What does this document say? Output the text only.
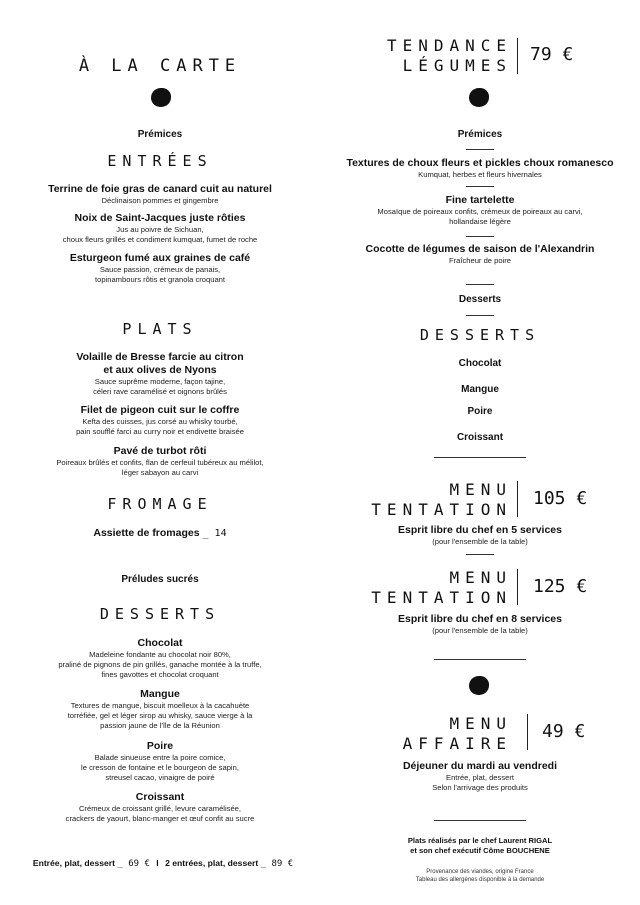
À LA CARTE
Prémices
ENTRÉES
Terrine de foie gras de canard cuit au naturel
Déclinaison pommes et gingembre
Noix de Saint-Jacques juste rôties
Jus au poivre de Sichuan,
choux fleurs grillés et condiment kumquat, fumet de roche
Esturgeon fumé aux graines de café
Sauce passion, crémeux de panais,
topinambours rôtis et granola croquant
PLATS
Volaille de Bresse farcie au citron
et aux olives de Nyons
Sauce suprême moderne, façon tajine,
céleri rave caramélisé et oignons brûlés
Filet de pigeon cuit sur le coffre
Kefta des cuisses, jus corsé au whisky tourbé,
pain soufflé farci au curry noir et endivette braisée
Pavé de turbot rôti
Poireaux brûlés et confits, flan de cerfeuil tubéreux au mélilot,
léger sabayon au carvi
FROMAGE
Assiette de fromages _ 14
Préludes sucrés
DESSERTS
Chocolat
Madeleine fondante au chocolat noir 80%,
praliné de pignons de pin grillés, ganache montée à la truffe,
fines gavottes et chocolat croquant
Mangue
Textures de mangue, biscuit moelleux à la cacahuète
torréfiée, gel et léger sirop au whisky, sauce vierge à la
passion jaune de l'île de la Réunion
Poire
Balade sinueuse entre la poire comice,
le cresson de fontaine et le bourgeon de sapin,
streusel cacao, vinaigre de poiré
Croissant
Crémeux de croissant grillé, levure caramélisée,
crackers de yaourt, blanc-manger et œuf confit au sucre
Entrée, plat, dessert _ 69 € I 2 entrées, plat, dessert _ 89 €
TENDANCE
LÉGUMES
79 €
Prémices
Textures de choux fleurs et pickles choux romanesco
Kumquat, herbes et fleurs hivernales
Fine tartelette
Mosaïque de poireaux confits, crémeux de poireaux au carvi,
hollandaise légère
Cocotte de légumes de saison de l'Alexandrin
Fraîcheur de poire
Desserts
DESSERTS
Chocolat
Mangue
Poire
Croissant
MENU
TENTATION
105 €
Esprit libre du chef en 5 services
(pour l'ensemble de la table)
MENU
TENTATION
125 €
Esprit libre du chef en 8 services
(pour l'ensemble de la table)
MENU
AFFAIRE
49 €
Déjeuner du mardi au vendredi
Entrée, plat, dessert
Selon l'arrivage des produits
Plats réalisés par le chef Laurent RIGAL
et son chef exécutif Côme BOUCHENE
Provenance des viandes, origine France
Tableau des allergènes disponible à la demande
